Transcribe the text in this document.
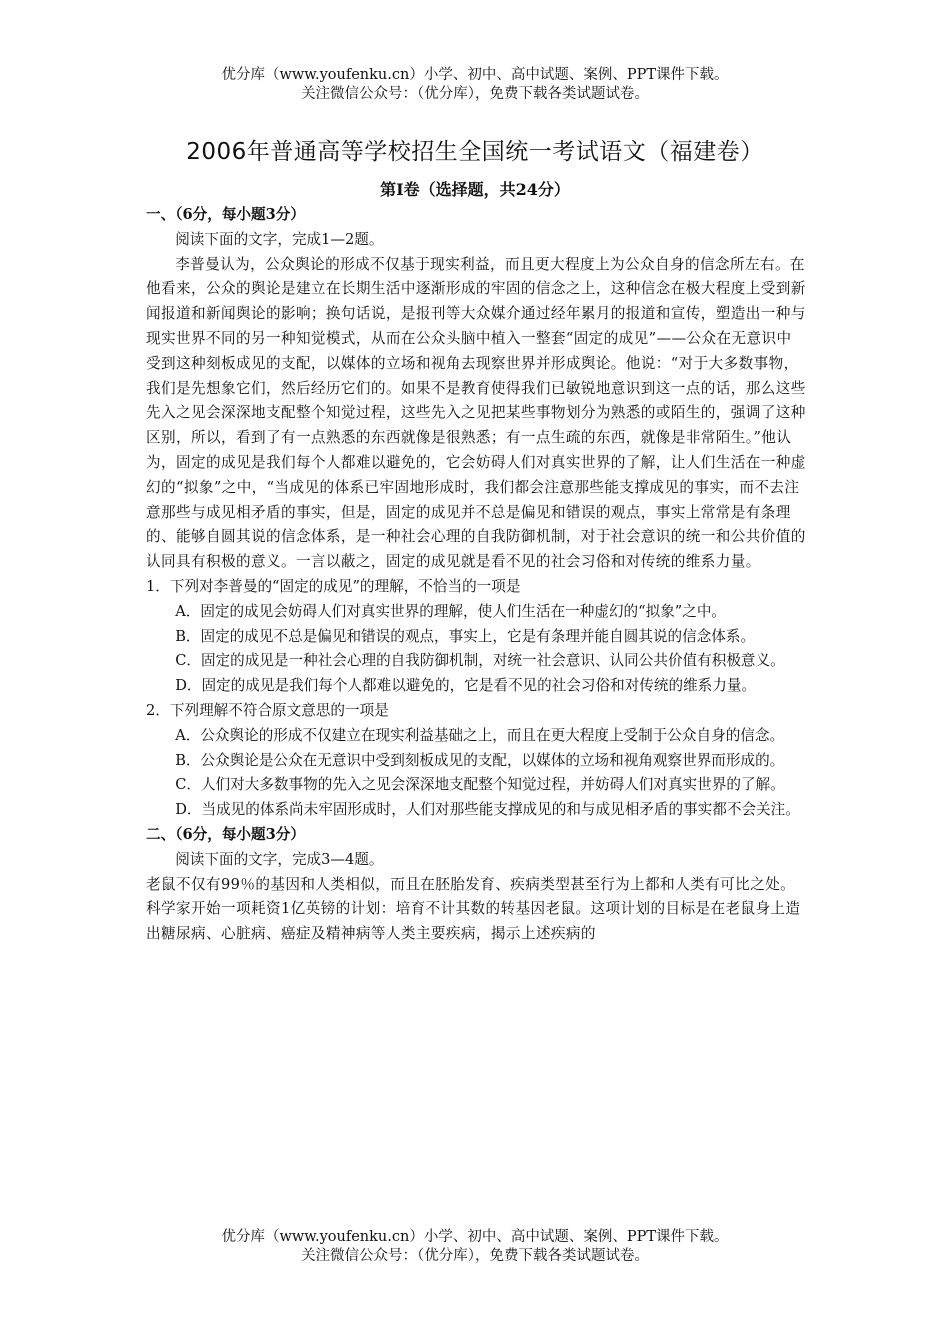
优分库（www.youfenku.cn）小学、初中、高中试题、案例、PPT课件下载。
关注微信公众号：（优分库），免费下载各类试题试卷。
2006年普通高等学校招生全国统一考试语文（福建卷）
第I卷（选择题，共24分）

一、（6分，每小题3分）

阅读下面的文字，完成1—2题。

李普曼认为，公众舆论的形成不仅基于现实利益，而且更大程度上为公众自身的信念所左右。在他看来，公众的舆论是建立在长期生活中逐渐形成的牢固的信念之上，这种信念在极大程度上受到新闻报道和新闻舆论的影响；换句话说，是报刊等大众媒介通过经年累月的报道和宣传，塑造出一种与现实世界不同的另一种知觉模式，从而在公众头脑中植入一整套“固定的成见”——公众在无意识中受到这种刻板成见的支配，以媒体的立场和视角去现察世界并形成舆论。他说：“对于大多数事物，我们是先想象它们，然后经历它们的。如果不是教育使得我们已敏锐地意识到这一点的话，那么这些先入之见会深深地支配整个知觉过程，这些先入之见把某些事物划分为熟悉的或陌生的，强调了这种区别，所以，看到了有一点熟悉的东西就像是很熟悉；有一点生疏的东西，就像是非常陌生。”他认为，固定的成见是我们每个人都难以避免的，它会妨碍人们对真实世界的了解，让人们生活在一种虚幻的“拟象”之中，“当成见的体系已牢固地形成时，我们都会注意那些能支撑成见的事实，而不去注意那些与成见相矛盾的事实，但是，固定的成见并不总是偏见和错误的观点，事实上常常是有条理的、能够自圆其说的信念体系，是一种社会心理的自我防御机制，对于社会意识的统一和公共价值的认同具有积极的意义。一言以蔽之，固定的成见就是看不见的社会习俗和对传统的维系力量。

1．下列对李普曼的“固定的成见”的理解，不恰当的一项是

A．固定的成见会妨碍人们对真实世界的理解，使人们生活在一种虚幻的“拟象”之中。

B．固定的成见不总是偏见和错误的观点，事实上，它是有条理并能自圆其说的信念体系。

C．固定的成见是一种社会心理的自我防御机制，对统一社会意识、认同公共价值有积极意义。

D．固定的成见是我们每个人都难以避免的，它是看不见的社会习俗和对传统的维系力量。

2．下列理解不符合原文意思的一项是

A．公众舆论的形成不仅建立在现实利益基础之上，而且在更大程度上受制于公众自身的信念。

B．公众舆论是公众在无意识中受到刻板成见的支配，以媒体的立场和视角观察世界而形成的。

C．人们对大多数事物的先入之见会深深地支配整个知觉过程，并妨碍人们对真实世界的了解。

D．当成见的体系尚未牢固形成时，人们对那些能支撑成见的和与成见相矛盾的事实都不会关注。

二、（6分，每小题3分）

阅读下面的文字，完成3—4题。

老鼠不仅有99％的基因和人类相似，而且在胚胎发育、疾病类型甚至行为上都和人类有可比之处。科学家开始一项耗资1亿英镑的计划：培育不计其数的转基因老鼠。这项计划的目标是在老鼠身上造出糖尿病、心脏病、癌症及精神病等人类主要疾病，揭示上述疾病的

优分库（www.youfenku.cn）小学、初中、高中试题、案例、PPT课件下载。
关注微信公众号：（优分库），免费下载各类试题试卷。
